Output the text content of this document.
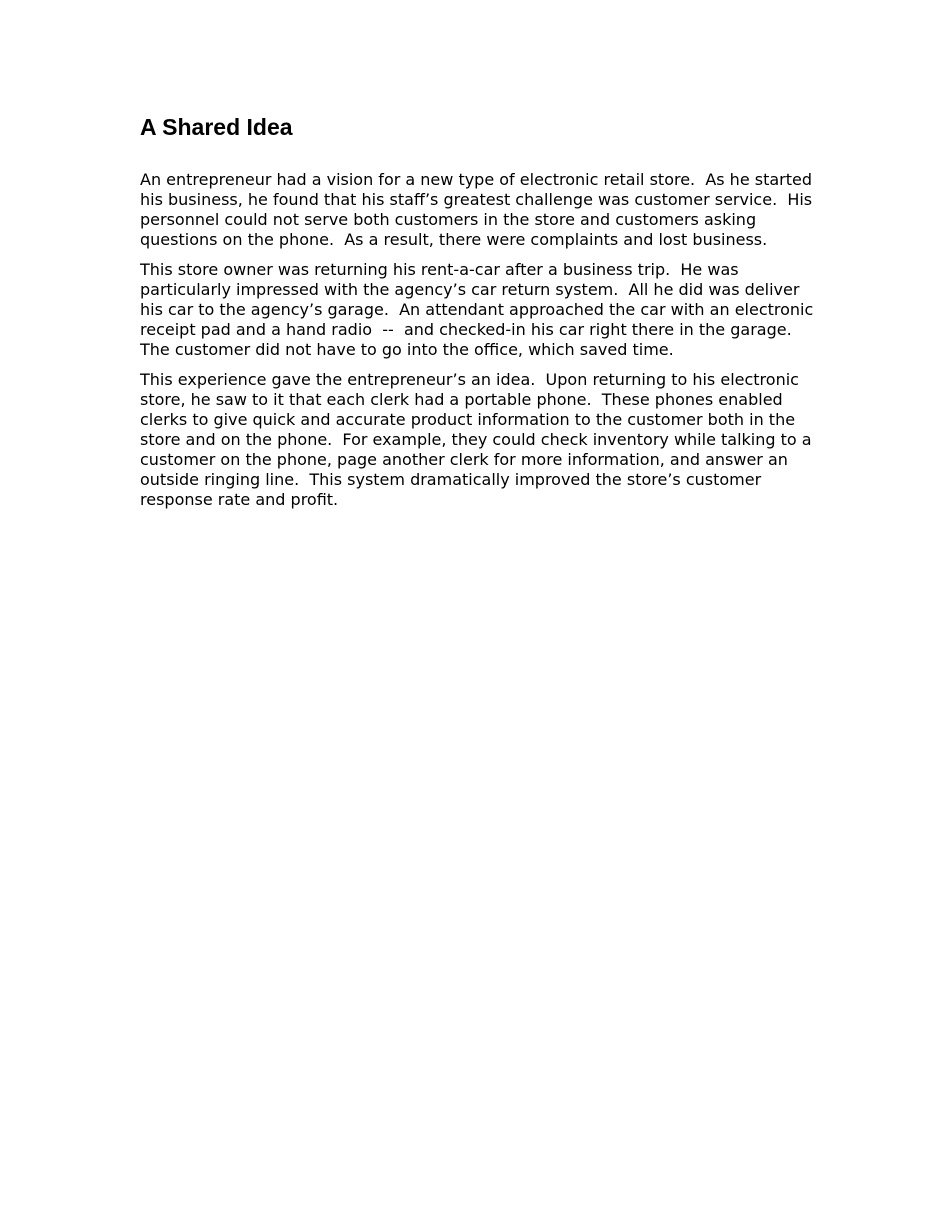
A Shared Idea

An entrepreneur had a vision for a new type of electronic retail store.  As he started his business, he found that his staff’s greatest challenge was customer service.  His personnel could not serve both customers in the store and customers asking questions on the phone.  As a result, there were complaints and lost business.

This store owner was returning his rent-a-car after a business trip.  He was particularly impressed with the agency’s car return system.  All he did was deliver his car to the agency’s garage.  An attendant approached the car with an electronic receipt pad and a hand radio  --  and checked-in his car right there in the garage.  The customer did not have to go into the office, which saved time.

This experience gave the entrepreneur’s an idea.  Upon returning to his electronic store, he saw to it that each clerk had a portable phone.  These phones enabled clerks to give quick and accurate product information to the customer both in the store and on the phone.  For example, they could check inventory while talking to a customer on the phone, page another clerk for more information, and answer an outside ringing line.  This system dramatically improved the store’s customer response rate and profit.
